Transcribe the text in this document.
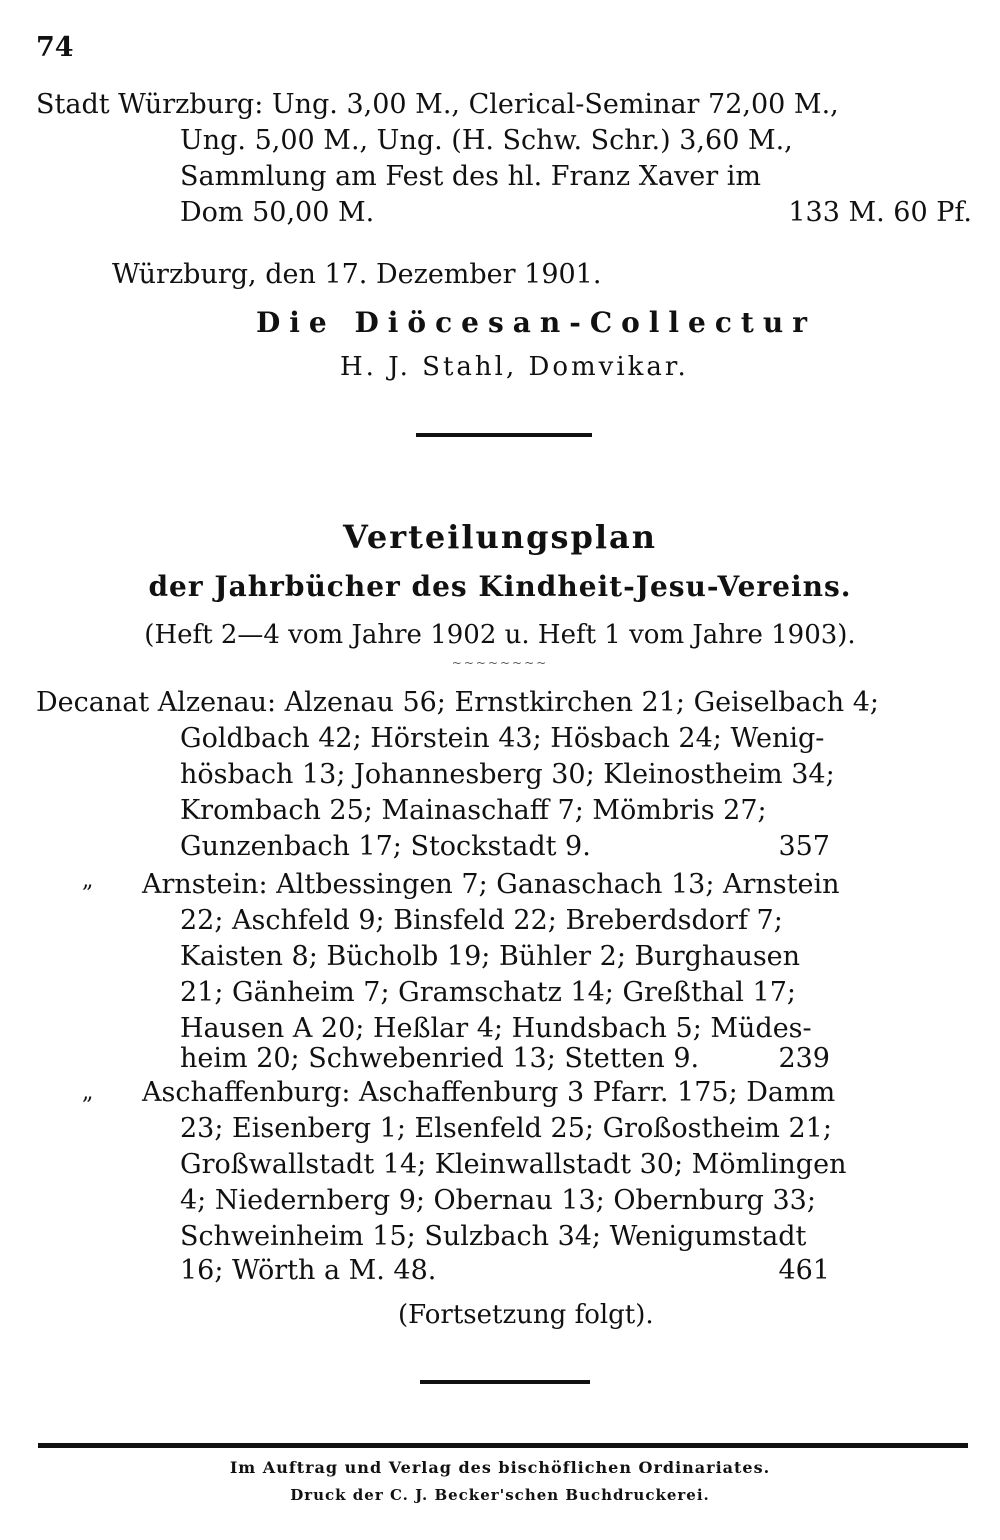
74
Stadt Würzburg: Ung. 3,00 M., Clerical-Seminar 72,00 M.,
Ung. 5,00 M., Ung. (H. Schw. Schr.) 3,60 M.,
Sammlung am Fest des hl. Franz Xaver im
Dom 50,00 M.	133 M. 60 Pf.
Würzburg, den 17. Dezember 1901.
Die Diöcesan-Collectur
H. J. Stahl, Domvikar.
Verteilungsplan
der Jahrbücher des Kindheit-Jesu-Vereins.
(Heft 2—4 vom Jahre 1902 u. Heft 1 vom Jahre 1903).
~~~~~~~~
Decanat Alzenau: Alzenau 56; Ernstkirchen 21; Geiselbach 4;
Goldbach 42; Hörstein 43; Hösbach 24; Wenig-
hösbach 13; Johannesberg 30; Kleinostheim 34;
Krombach 25; Mainaschaff 7; Mömbris 27;
Gunzenbach 17; Stockstadt 9.	357
„ Arnstein: Altbessingen 7; Ganaschach 13; Arnstein
22; Aschfeld 9; Binsfeld 22; Breberdsdorf 7;
Kaisten 8; Bücholb 19; Bühler 2; Burghausen
21; Gänheim 7; Gramschatz 14; Greßthal 17;
Hausen A 20; Heßlar 4; Hundsbach 5; Müdes-
heim 20; Schwebenried 13; Stetten 9.	239
„ Aschaffenburg: Aschaffenburg 3 Pfarr. 175; Damm
23; Eisenberg 1; Elsenfeld 25; Großostheim 21;
Großwallstadt 14; Kleinwallstadt 30; Mömlingen
4; Niedernberg 9; Obernau 13; Obernburg 33;
Schweinheim 15; Sulzbach 34; Wenigumstadt
16; Wörth a M. 48.	461
(Fortsetzung folgt).
Im Auftrag und Verlag des bischöflichen Ordinariates.
Druck der C. J. Becker'schen Buchdruckerei.
